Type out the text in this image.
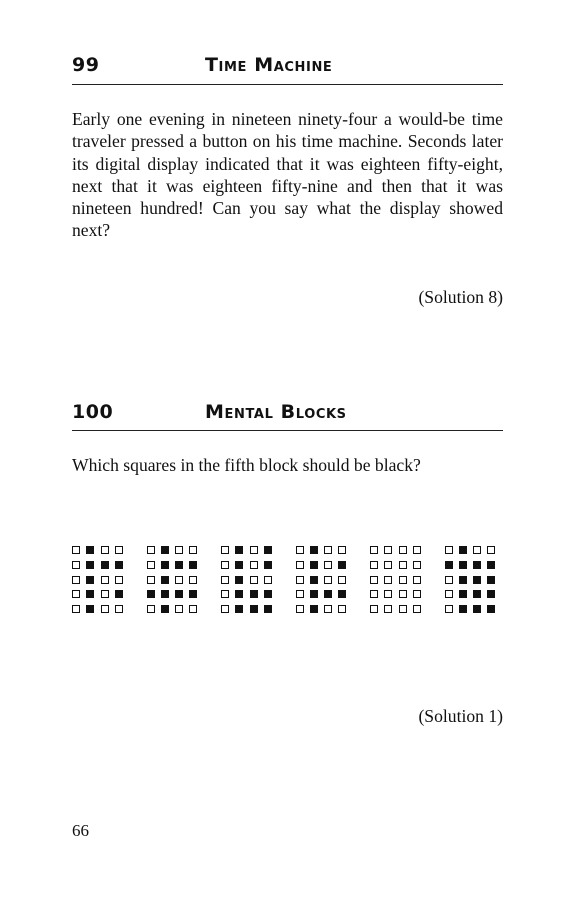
99	Time Machine
Early one evening in nineteen ninety-four a would-be time traveler pressed a button on his time machine. Seconds later its digital display indicated that it was eighteen fifty-eight, next that it was eighteen fifty-nine and then that it was nineteen hundred! Can you say what the display showed next?
(Solution 8)
100	Mental Blocks
Which squares in the fifth block should be black?
(Solution 1)
66
